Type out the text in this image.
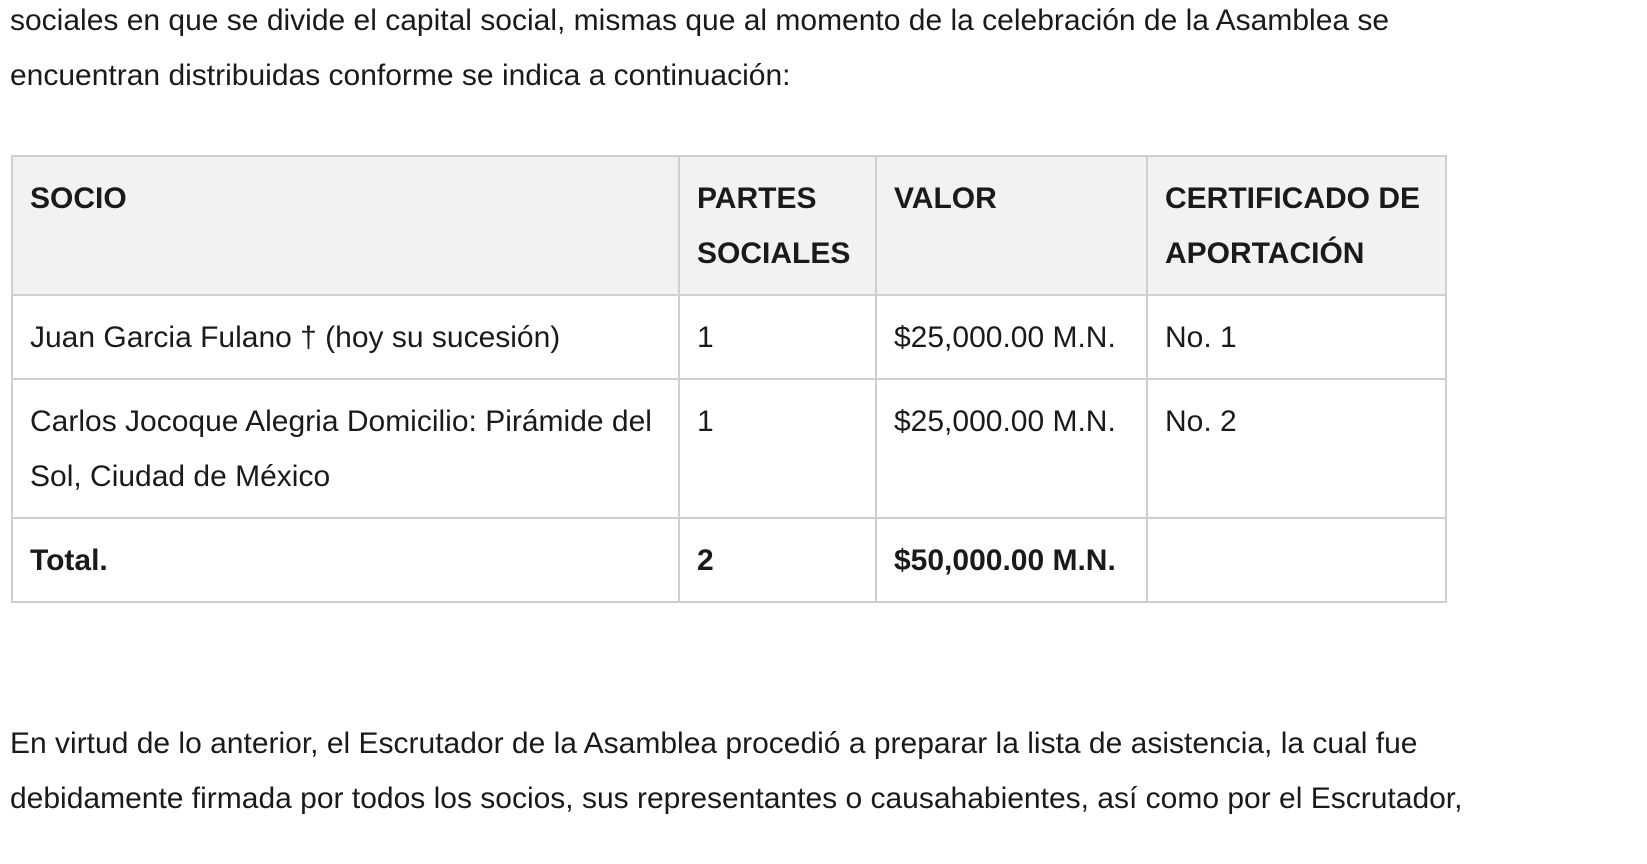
sociales en que se divide el capital social, mismas que al momento de la celebración de la Asamblea se
encuentran distribuidas conforme se indica a continuación:
SOCIO	PARTES SOCIALES	VALOR	CERTIFICADO DE APORTACIÓN
Juan Garcia Fulano † (hoy su sucesión)	1	$25,000.00 M.N.	No. 1
Carlos Jocoque Alegria Domicilio: Pirámide del Sol, Ciudad de México	1	$25,000.00 M.N.	No. 2
Total.	2	$50,000.00 M.N.	
En virtud de lo anterior, el Escrutador de la Asamblea procedió a preparar la lista de asistencia, la cual fue
debidamente firmada por todos los socios, sus representantes o causahabientes, así como por el Escrutador,
